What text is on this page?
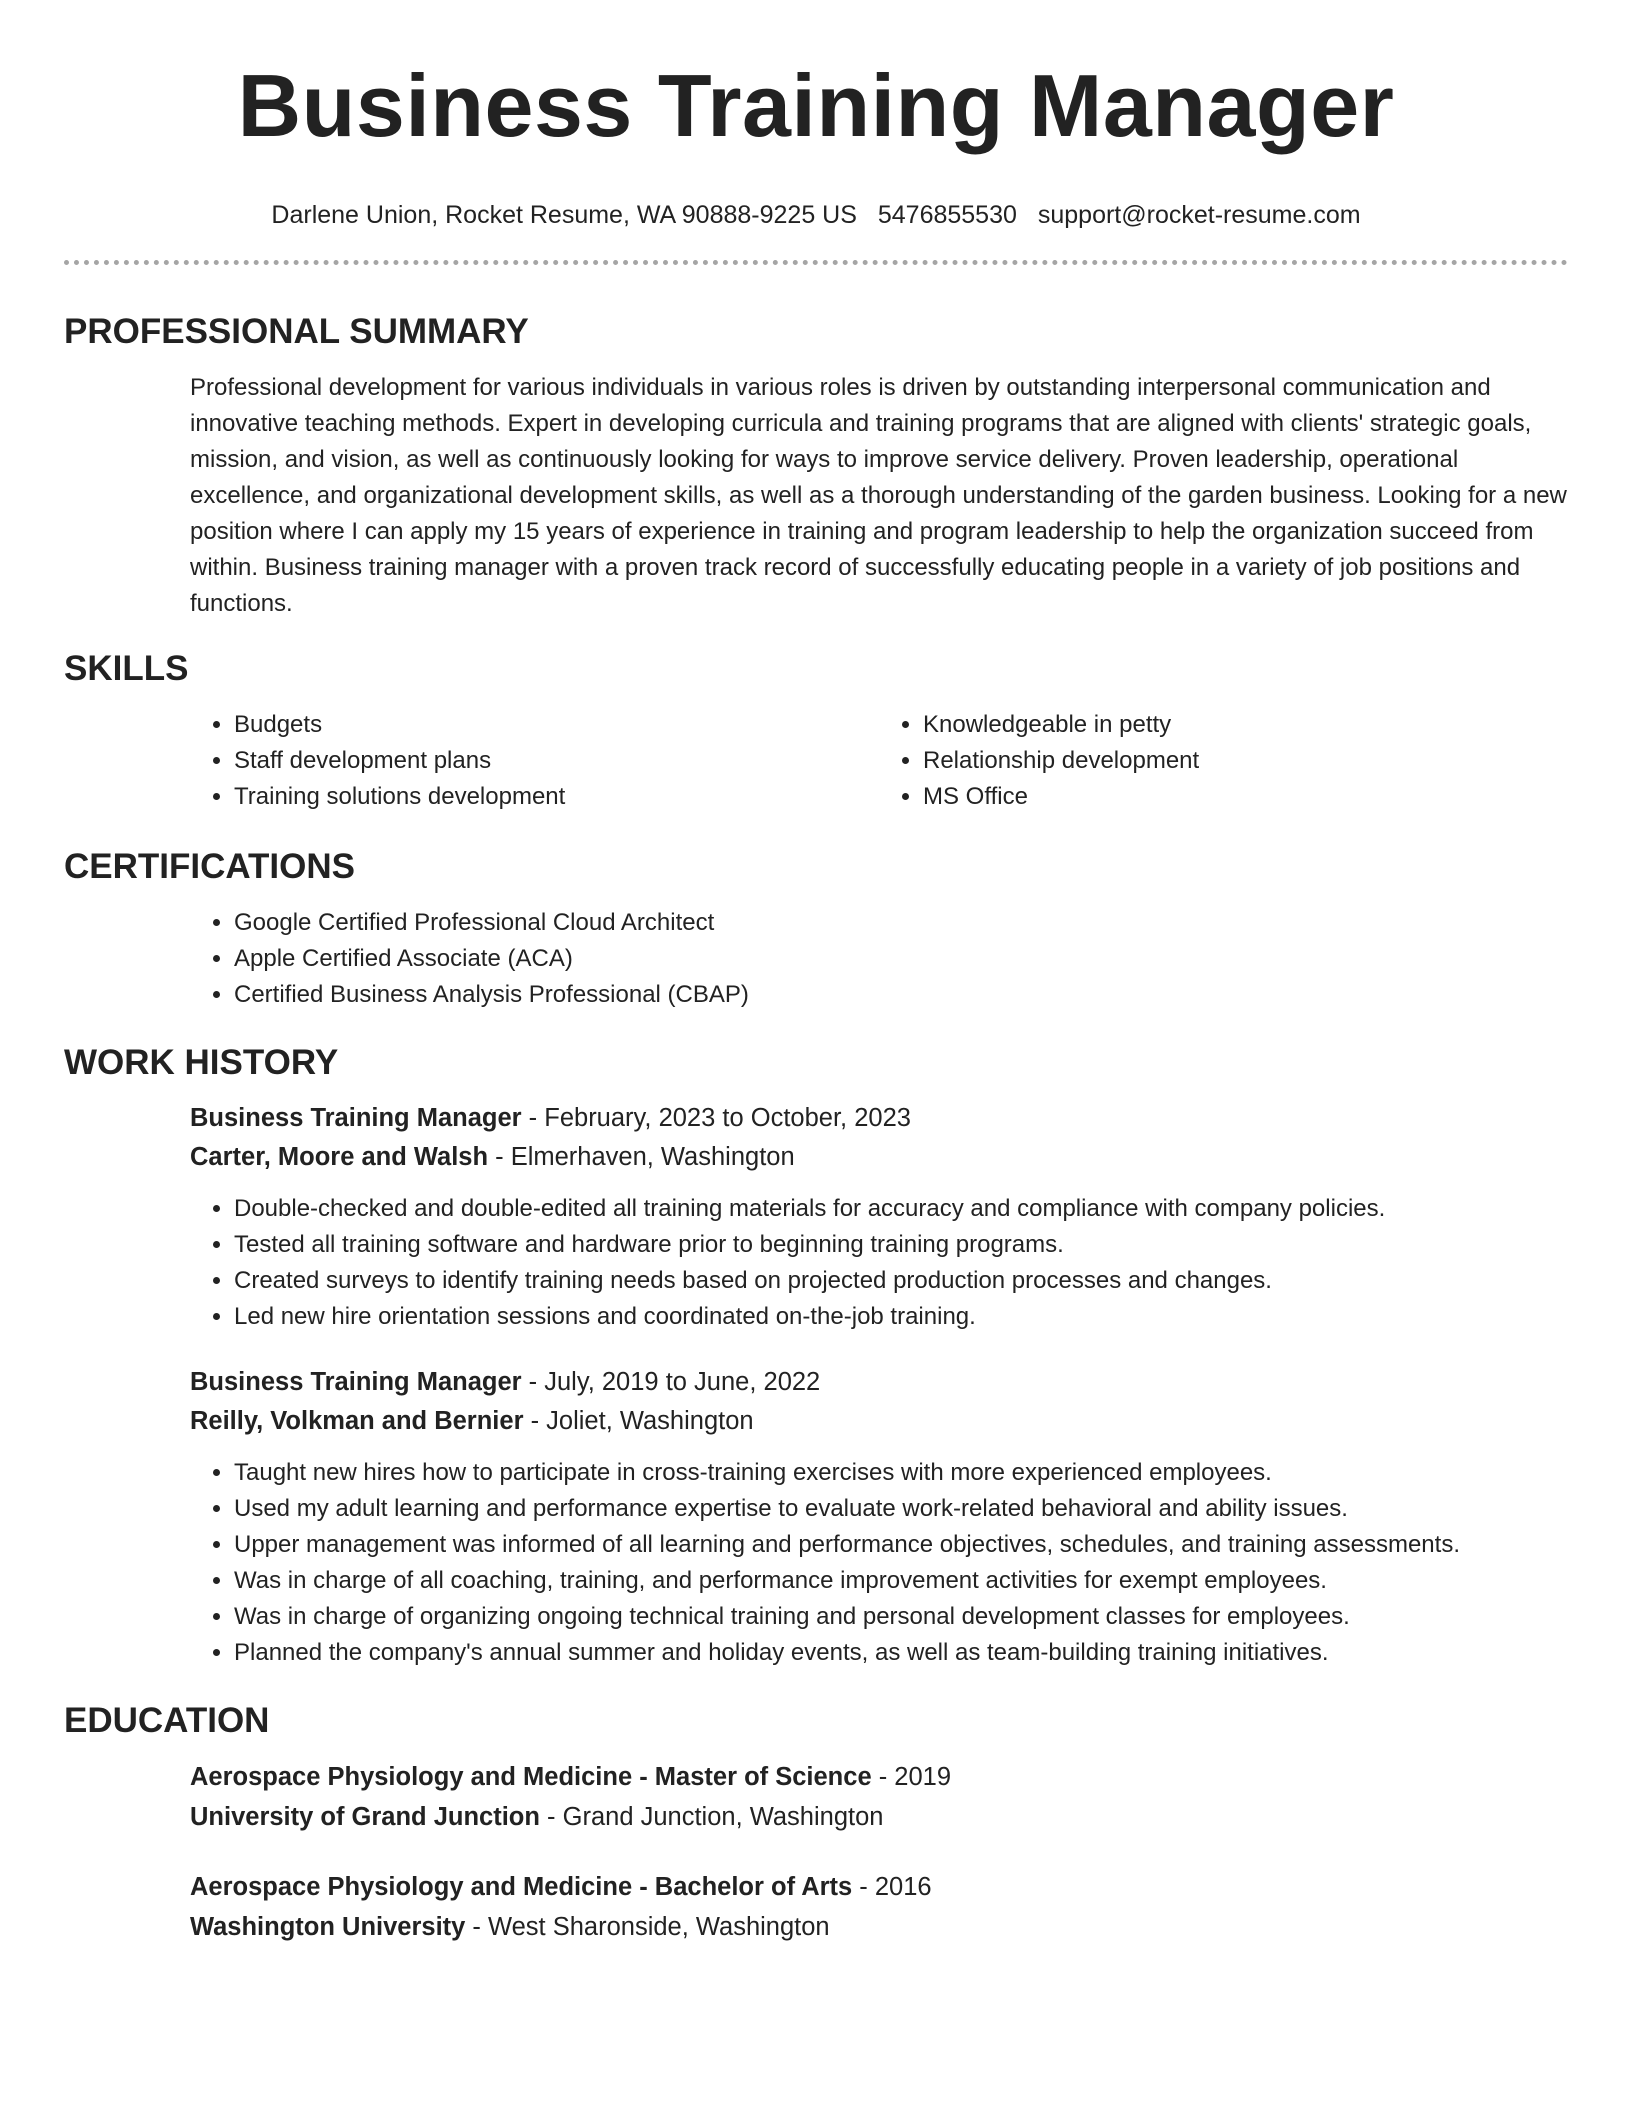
Business Training Manager
Darlene Union, Rocket Resume, WA 90888-9225 US 5476855530 support@rocket-resume.com
PROFESSIONAL SUMMARY

Professional development for various individuals in various roles is driven by outstanding interpersonal communication and innovative teaching methods. Expert in developing curricula and training programs that are aligned with clients' strategic goals, mission, and vision, as well as continuously looking for ways to improve service delivery. Proven leadership, operational excellence, and organizational development skills, as well as a thorough understanding of the garden business. Looking for a new position where I can apply my 15 years of experience in training and program leadership to help the organization succeed from within. Business training manager with a proven track record of successfully educating people in a variety of job positions and functions.

SKILLS
• Budgets
• Staff development plans
• Training solutions development
• Knowledgeable in petty
• Relationship development
• MS Office
CERTIFICATIONS
• Google Certified Professional Cloud Architect
• Apple Certified Associate (ACA)
• Certified Business Analysis Professional (CBAP)
WORK HISTORY
Business Training Manager - February, 2023 to October, 2023
Carter, Moore and Walsh - Elmerhaven, Washington
• Double-checked and double-edited all training materials for accuracy and compliance with company policies.
• Tested all training software and hardware prior to beginning training programs.
• Created surveys to identify training needs based on projected production processes and changes.
• Led new hire orientation sessions and coordinated on-the-job training.
Business Training Manager - July, 2019 to June, 2022
Reilly, Volkman and Bernier - Joliet, Washington
• Taught new hires how to participate in cross-training exercises with more experienced employees.
• Used my adult learning and performance expertise to evaluate work-related behavioral and ability issues.
• Upper management was informed of all learning and performance objectives, schedules, and training assessments.
• Was in charge of all coaching, training, and performance improvement activities for exempt employees.
• Was in charge of organizing ongoing technical training and personal development classes for employees.
• Planned the company's annual summer and holiday events, as well as team-building training initiatives.
EDUCATION
Aerospace Physiology and Medicine - Master of Science - 2019
University of Grand Junction - Grand Junction, Washington
Aerospace Physiology and Medicine - Bachelor of Arts - 2016
Washington University - West Sharonside, Washington
